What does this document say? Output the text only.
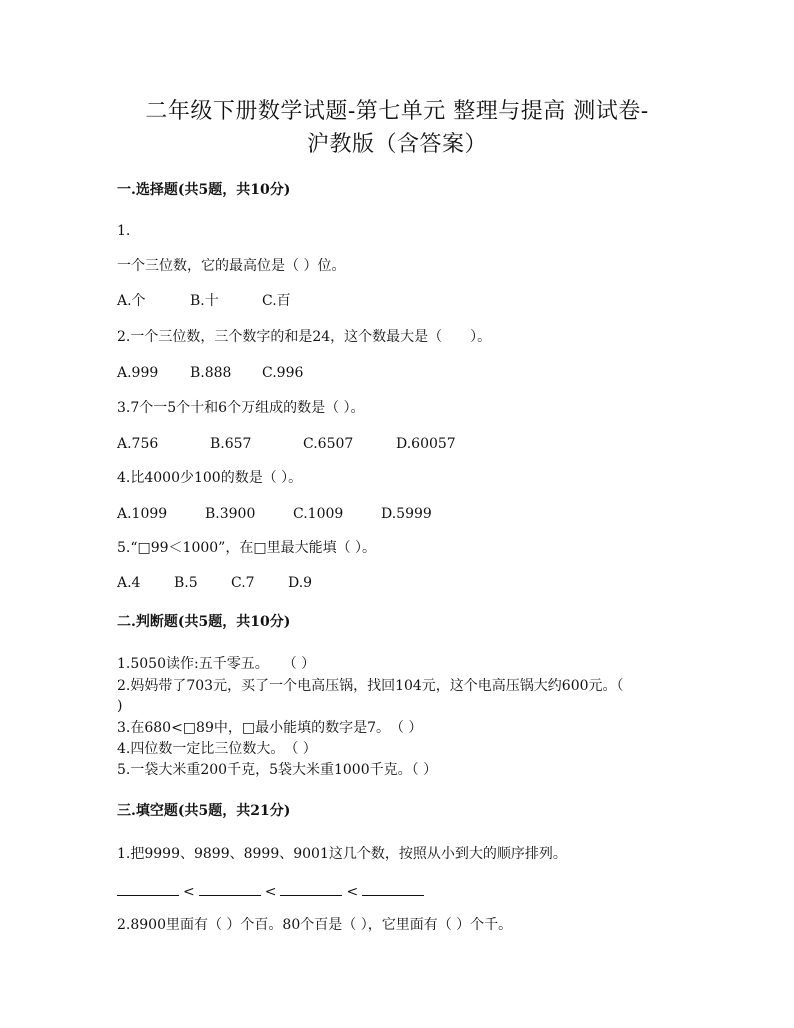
二年级下册数学试题-第七单元 整理与提高 测试卷-
沪教版（含答案）
一.选择题(共5题，共10分)
1.
一个三位数，它的最高位是（ ）位。
A.个	B.十	C.百
2.一个三位数，三个数字的和是24，这个数最大是（　　）。
A.999 B.888 C.996
3.7个一5个十和6个万组成的数是（ ）。
A.756	B.657	C.6507	D.60057
4.比4000少100的数是（ ）。
A.1099	B.3900	C.1009	D.5999
5.“□99＜1000”，在□里最大能填（ ）。
A.4 B.5 C.7 D.9
二.判断题(共5题，共10分)
1.5050读作:五千零五。　　（ ）
2.妈妈带了703元，买了一个电高压锅，找回104元，这个电高压锅大约600元。（
)
3.在680<□89中，□最小能填的数字是7。　（ ）
4.四位数一定比三位数大。　（ ）
5.一袋大米重200千克，5袋大米重1000千克。（ ）
三.填空题(共5题，共21分)
1.把9999、9899、8999、9001这几个数，按照从小到大的顺序排列。
<	<	<
2.8900里面有（ ）个百。80个百是（ ），它里面有（ ）个千。
